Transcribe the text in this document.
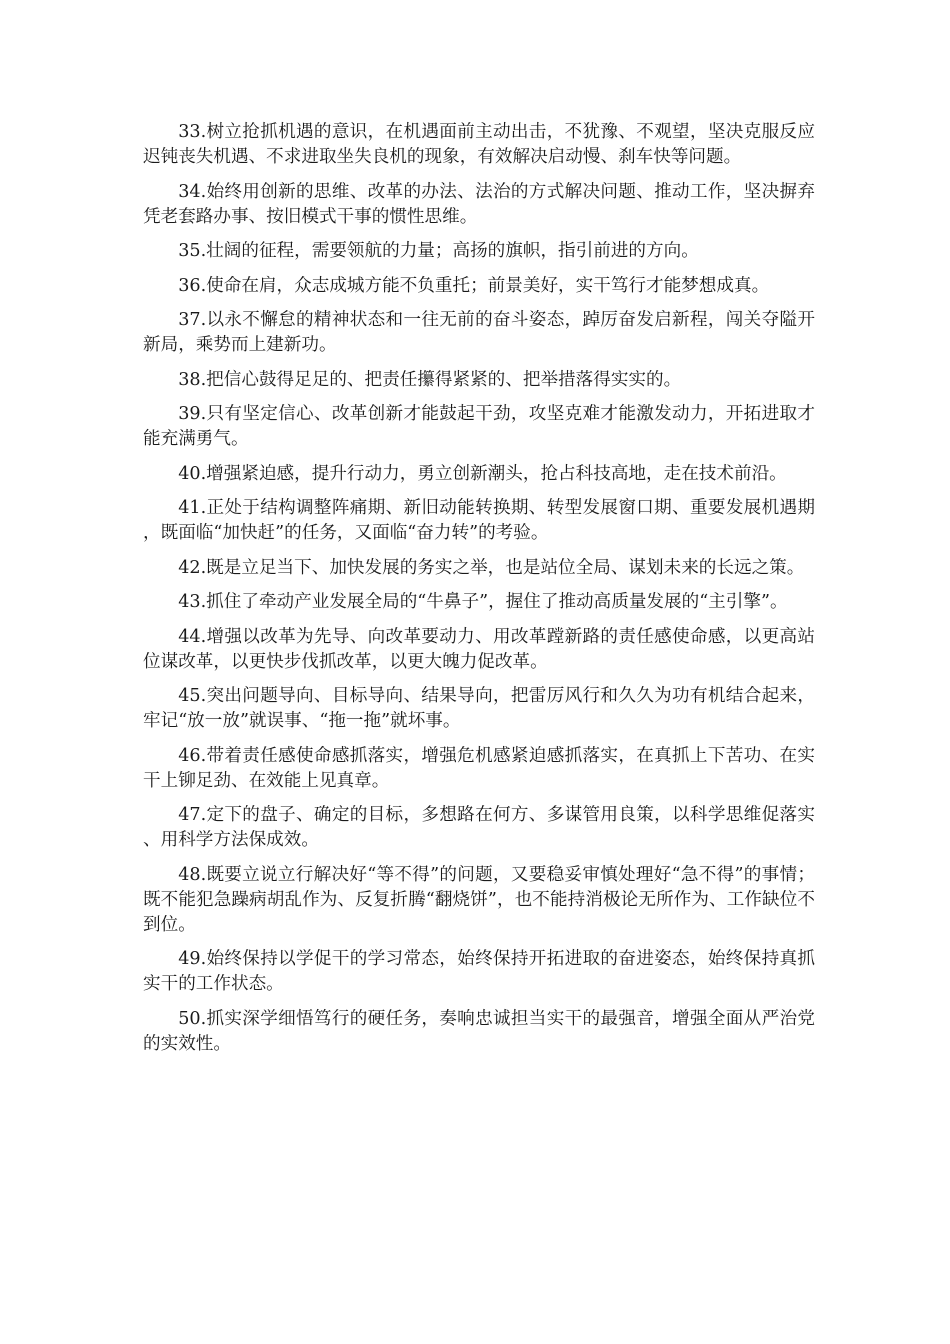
33.树立抢抓机遇的意识，在机遇面前主动出击，不犹豫、不观望，坚决克服反应迟钝丧失机遇、不求进取坐失良机的现象，有效解决启动慢、刹车快等问题。

34.始终用创新的思维、改革的办法、法治的方式解决问题、推动工作，坚决摒弃凭老套路办事、按旧模式干事的惯性思维。

35.壮阔的征程，需要领航的力量；高扬的旗帜，指引前进的方向。

36.使命在肩，众志成城方能不负重托；前景美好，实干笃行才能梦想成真。

37.以永不懈怠的精神状态和一往无前的奋斗姿态，踔厉奋发启新程，闯关夺隘开新局，乘势而上建新功。

38.把信心鼓得足足的、把责任攥得紧紧的、把举措落得实实的。

39.只有坚定信心、改革创新才能鼓起干劲，攻坚克难才能激发动力，开拓进取才能充满勇气。

40.增强紧迫感，提升行动力，勇立创新潮头，抢占科技高地，走在技术前沿。

41.正处于结构调整阵痛期、新旧动能转换期、转型发展窗口期、重要发展机遇期，既面临“加快赶”的任务，又面临“奋力转”的考验。

42.既是立足当下、加快发展的务实之举，也是站位全局、谋划未来的长远之策。

43.抓住了牵动产业发展全局的“牛鼻子”，握住了推动高质量发展的“主引擎”。

44.增强以改革为先导、向改革要动力、用改革蹚新路的责任感使命感，以更高站位谋改革，以更快步伐抓改革，以更大魄力促改革。

45.突出问题导向、目标导向、结果导向，把雷厉风行和久久为功有机结合起来，牢记“放一放”就误事、“拖一拖”就坏事。

46.带着责任感使命感抓落实，增强危机感紧迫感抓落实，在真抓上下苦功、在实干上铆足劲、在效能上见真章。

47.定下的盘子、确定的目标，多想路在何方、多谋管用良策，以科学思维促落实、用科学方法保成效。

48.既要立说立行解决好“等不得”的问题，又要稳妥审慎处理好“急不得”的事情；既不能犯急躁病胡乱作为、反复折腾“翻烧饼”，也不能持消极论无所作为、工作缺位不到位。

49.始终保持以学促干的学习常态，始终保持开拓进取的奋进姿态，始终保持真抓实干的工作状态。

50.抓实深学细悟笃行的硬任务，奏响忠诚担当实干的最强音，增强全面从严治党的实效性。
